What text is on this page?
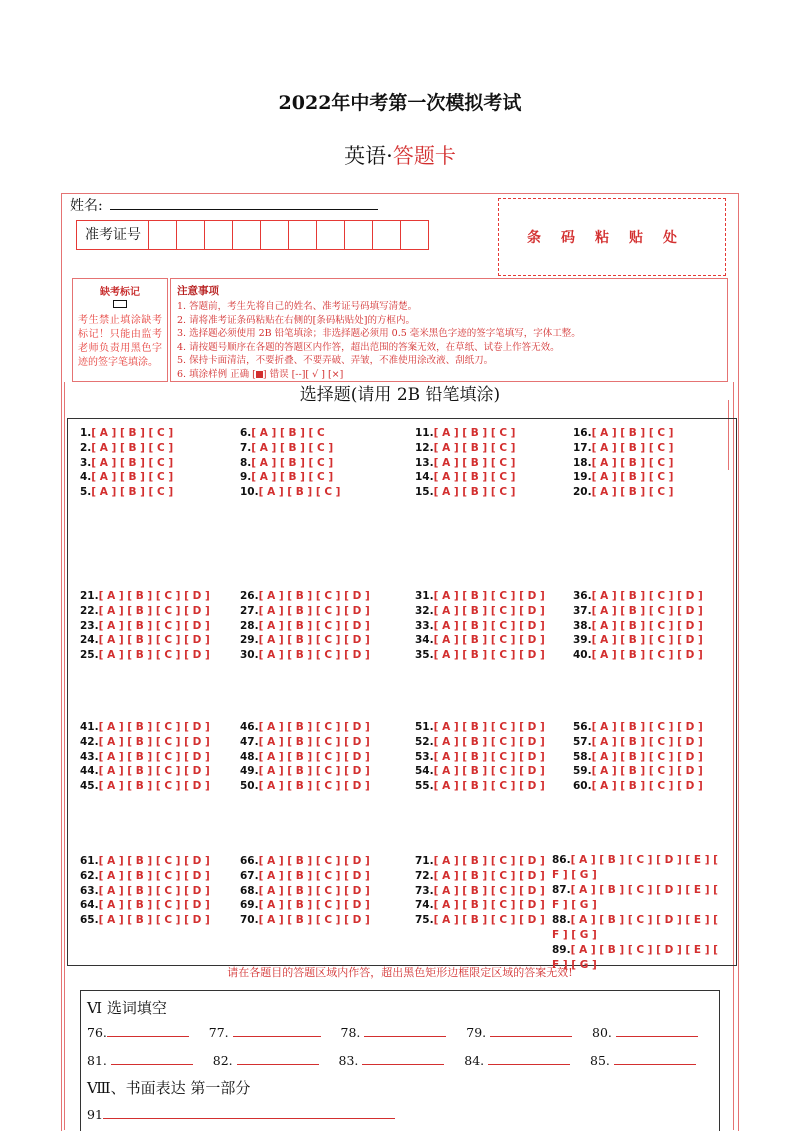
2022年中考第一次模拟考试
英语·答题卡
姓名:
准考证号	条码粘贴处
缺考标记
考生禁止填涂缺考标记！只能由监考老师负责用黑色字迹的签字笔填涂。
注意事项
1. 答题前，考生先将自己的姓名、准考证号码填写清楚。
2. 请将准考证条码粘贴在右侧的[条码粘贴处]的方框内。
3. 选择题必须使用 2B 铅笔填涂；非选择题必须用 0.5 毫米黑色字迹的签字笔填写，字体工整。
4. 请按题号顺序在各题的答题区内作答，超出范围的答案无效，在草纸、试卷上作答无效。
5. 保持卡面清洁，不要折叠、不要弄破、弄皱，不准使用涂改液、刮纸刀。
6. 填涂样例 正确 [ ] 错误 [--][ √ ] [×]
选择题(请用 2B 铅笔填涂)
1.[ A ] [ B ] [ C ]
2.[ A ] [ B ] [ C ]
3.[ A ] [ B ] [ C ]
4.[ A ] [ B ] [ C ]
5.[ A ] [ B ] [ C ]
6.[ A ] [ B ] [ C
7.[ A ] [ B ] [ C ]
8.[ A ] [ B ] [ C ]
9.[ A ] [ B ] [ C ]
10.[ A ] [ B ] [ C ]
11.[ A ] [ B ] [ C ]
12.[ A ] [ B ] [ C ]
13.[ A ] [ B ] [ C ]
14.[ A ] [ B ] [ C ]
15.[ A ] [ B ] [ C ]
16.[ A ] [ B ] [ C ]
17.[ A ] [ B ] [ C ]
18.[ A ] [ B ] [ C ]
19.[ A ] [ B ] [ C ]
20.[ A ] [ B ] [ C ]
21.[ A ] [ B ] [ C ] [ D ]
22.[ A ] [ B ] [ C ] [ D ]
23.[ A ] [ B ] [ C ] [ D ]
24.[ A ] [ B ] [ C ] [ D ]
25.[ A ] [ B ] [ C ] [ D ]
26.[ A ] [ B ] [ C ] [ D ]
27.[ A ] [ B ] [ C ] [ D ]
28.[ A ] [ B ] [ C ] [ D ]
29.[ A ] [ B ] [ C ] [ D ]
30.[ A ] [ B ] [ C ] [ D ]
31.[ A ] [ B ] [ C ] [ D ]
32.[ A ] [ B ] [ C ] [ D ]
33.[ A ] [ B ] [ C ] [ D ]
34.[ A ] [ B ] [ C ] [ D ]
35.[ A ] [ B ] [ C ] [ D ]
36.[ A ] [ B ] [ C ] [ D ]
37.[ A ] [ B ] [ C ] [ D ]
38.[ A ] [ B ] [ C ] [ D ]
39.[ A ] [ B ] [ C ] [ D ]
40.[ A ] [ B ] [ C ] [ D ]
41.[ A ] [ B ] [ C ] [ D ]
42.[ A ] [ B ] [ C ] [ D ]
43.[ A ] [ B ] [ C ] [ D ]
44.[ A ] [ B ] [ C ] [ D ]
45.[ A ] [ B ] [ C ] [ D ]
46.[ A ] [ B ] [ C ] [ D ]
47.[ A ] [ B ] [ C ] [ D ]
48.[ A ] [ B ] [ C ] [ D ]
49.[ A ] [ B ] [ C ] [ D ]
50.[ A ] [ B ] [ C ] [ D ]
51.[ A ] [ B ] [ C ] [ D ]
52.[ A ] [ B ] [ C ] [ D ]
53.[ A ] [ B ] [ C ] [ D ]
54.[ A ] [ B ] [ C ] [ D ]
55.[ A ] [ B ] [ C ] [ D ]
56.[ A ] [ B ] [ C ] [ D ]
57.[ A ] [ B ] [ C ] [ D ]
58.[ A ] [ B ] [ C ] [ D ]
59.[ A ] [ B ] [ C ] [ D ]
60.[ A ] [ B ] [ C ] [ D ]
61.[ A ] [ B ] [ C ] [ D ]
62.[ A ] [ B ] [ C ] [ D ]
63.[ A ] [ B ] [ C ] [ D ]
64.[ A ] [ B ] [ C ] [ D ]
65.[ A ] [ B ] [ C ] [ D ]
66.[ A ] [ B ] [ C ] [ D ]
67.[ A ] [ B ] [ C ] [ D ]
68.[ A ] [ B ] [ C ] [ D ]
69.[ A ] [ B ] [ C ] [ D ]
70.[ A ] [ B ] [ C ] [ D ]
71.[ A ] [ B ] [ C ] [ D ]
72.[ A ] [ B ] [ C ] [ D ]
73.[ A ] [ B ] [ C ] [ D ]
74.[ A ] [ B ] [ C ] [ D ]
75.[ A ] [ B ] [ C ] [ D ]
86.[ A ] [ B ] [ C ] [ D ] [ E ] [ F ] [ G ]
87.[ A ] [ B ] [ C ] [ D ] [ E ] [ F ] [ G ]
88.[ A ] [ B ] [ C ] [ D ] [ E ] [ F ] [ G ]
89.[ A ] [ B ] [ C ] [ D ] [ E ] [ F ] [ G ]
请在各题目的答题区域内作答，超出黑色矩形边框限定区域的答案无效!
Ⅵ 选词填空
76.	77.	78.	79.	80.
81.	82.	83.	84.	85.
Ⅷ、书面表达 第一部分
91
